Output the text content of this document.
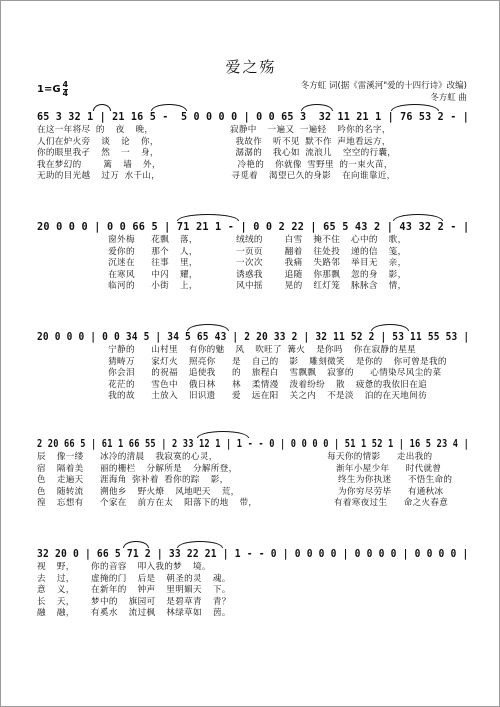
爱之殇
冬方虹 词(据《雷溪河"爱的十四行诗》改编)
冬方虹 曲
$1=G \frac{4}{4}$
65 3 32 1 | 21 16 5 -  5 0 0 0 0 | 0 0 65 3  32 11 21 1 | 76 53 2 - |
在这一年将尽 的  夜  晚，              寂静中  一遍又 一遍轻  吟你的名字，
人们在炉火旁  谈  论  你，              我故作  听不见 默不作 声地看远方，
你的眼里我孑  然  一  身，              潺潺的  我心如 流浪儿  空空的行囊，
我在梦幻的    篱  墙  外，              冷艳的  你就像 雪野里 的一束火苗，
无助的目光越  过万 水千山，             寻觅着  渴望已久的身影  在向谁靠近，
20 0 0 0 | 0 0 66 5 | 71 21 1 - | 0 0 2 22 | 65 5 43 2 | 43 32 2 - |
窗外梅   花飘  落，       绒绒的    白雪  掩不住  心中的  歌，
爱你的   那个  人，       一页页    翻着  往处投  递的信  笺，
沉迷在   往事  里，       一次次    我痛  失路邻  举目无  亲，
在寒风   中闪  耀，       诱惑我    追随  你那飘  忽的身  影，
临河的   小街  上，       风中摇    晃的  红灯笼  脉脉含  情，
20 0 0 0 | 0 0 34 5 | 34 5 65 43 | 2 20 33 2 | 32 11 52 2 | 53 11 55 53 |
宁静的   山村里  有你的魅  风  吹旺了 篝火  是你吗  你在寂静的星星
猜畴万   家灯火  照亮你   是  自己的  影  雕刻微笑  是你的  你可曾是我的
你会泪   的祝福  追使我   的  旅程白  雪飘飘  寂寥的   心情染尽风尘的菜
花茫的   雪色中  俄日林   林  柔情漫  泼着纷纷  散  疲惫的我依旧在追
我的故   土放入  旧识遗   爱  远在阳  关之内  不是淡  泊的在天地间彷
2 20 66 5 | 61 1 66 55 | 2 33 12 1 | 1 - - 0 | 0 0 0 0 | 51 1 52 1 | 16 5 23 4 |
辰  像一缕   冰冷的清晨  我寂寞的心灵，                    每天你的情影   走出我的
宿  隔着美   丽的栅栏  分解所是  分解所登，                  渐年小屋少年   时代就曾
色  走遍天   涯海角 弥补着 看你的踪  影，                    终生为你执迷   不悟生命的
色  随转流   溯他乡  野火燎  风地吧天  荒，                  为你穷尽劳毕   有通秋冰
徨  忘想有   个家在  前方在太  阳落下的地  带，              有着寒夜过生   命之火春意
32 20 0 | 66 5 71 2 | 33 22 21 | 1 - - 0 | 0 0 0 0 | 0 0 0 0 | 0 0 0 0 |
视  野，   你的音容  叩入我的梦  境。
去  过，   虚掩的门  后是  朝圣的灵  魂。
意  义，   在新年的  钟声  里明媚天  下。
长  天，   梦中的  旗园可  是碧草青  青？
融  融，   有奚水  流过枫  林绿草如  茵。
